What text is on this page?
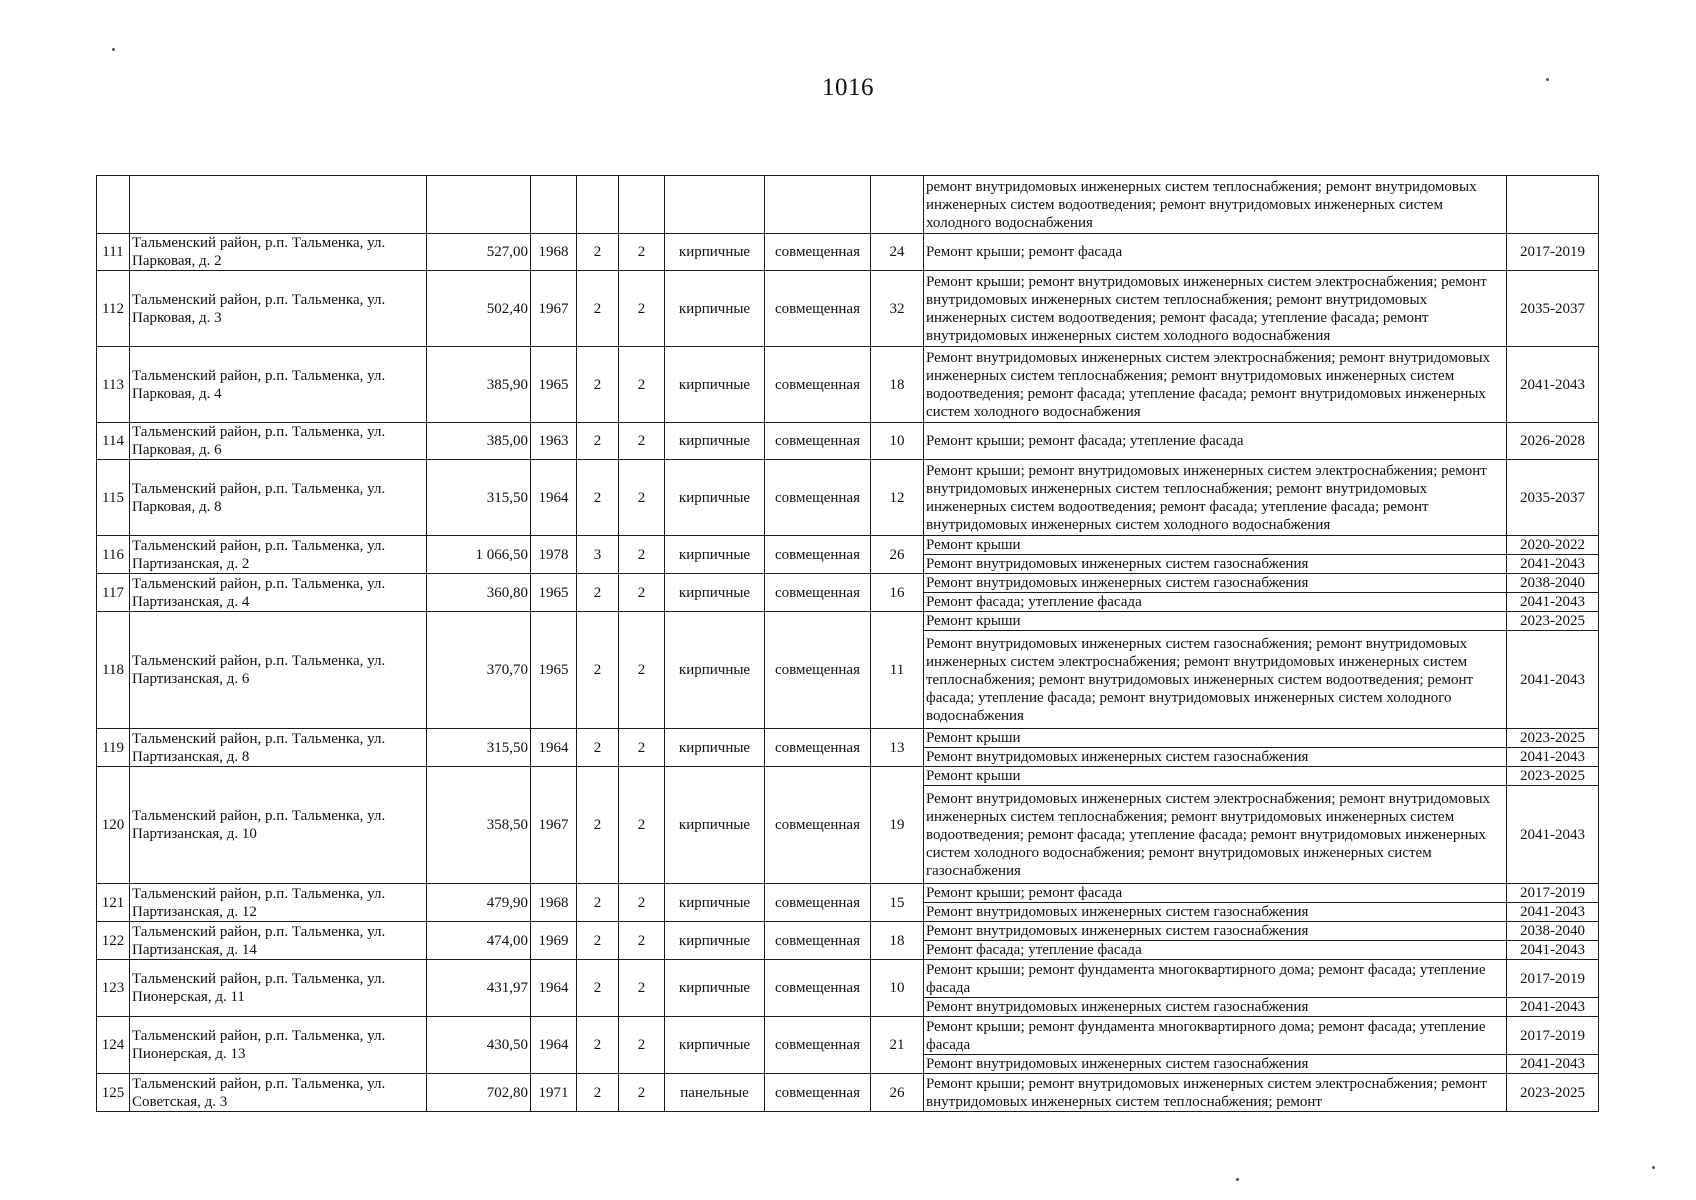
1016
									ремонт внутридомовых инженерных систем теплоснабжения; ремонт внутридомовых инженерных систем водоотведения; ремонт внутридомовых инженерных систем холодного водоснабжения	
111	Тальменский район, р.п. Тальменка, ул. Парковая, д. 2	527,00	1968	2	2	кирпичные	совмещенная	24	Ремонт крыши; ремонт фасада	2017-2019
112	Тальменский район, р.п. Тальменка, ул. Парковая, д. 3	502,40	1967	2	2	кирпичные	совмещенная	32	Ремонт крыши; ремонт внутридомовых инженерных систем электроснабжения; ремонт внутридомовых инженерных систем теплоснабжения; ремонт внутридомовых инженерных систем водоотведения; ремонт фасада; утепление фасада; ремонт внутридомовых инженерных систем холодного водоснабжения	2035-2037
113	Тальменский район, р.п. Тальменка, ул. Парковая, д. 4	385,90	1965	2	2	кирпичные	совмещенная	18	Ремонт внутридомовых инженерных систем электроснабжения; ремонт внутридомовых инженерных систем теплоснабжения; ремонт внутридомовых инженерных систем водоотведения; ремонт фасада; утепление фасада; ремонт внутридомовых инженерных систем холодного водоснабжения	2041-2043
114	Тальменский район, р.п. Тальменка, ул. Парковая, д. 6	385,00	1963	2	2	кирпичные	совмещенная	10	Ремонт крыши; ремонт фасада; утепление фасада	2026-2028
115	Тальменский район, р.п. Тальменка, ул. Парковая, д. 8	315,50	1964	2	2	кирпичные	совмещенная	12	Ремонт крыши; ремонт внутридомовых инженерных систем электроснабжения; ремонт внутридомовых инженерных систем теплоснабжения; ремонт внутридомовых инженерных систем водоотведения; ремонт фасада; утепление фасада; ремонт внутридомовых инженерных систем холодного водоснабжения	2035-2037
116	Тальменский район, р.п. Тальменка, ул. Партизанская, д. 2	1 066,50	1978	3	2	кирпичные	совмещенная	26	Ремонт крыши	2020-2022
									Ремонт внутридомовых инженерных систем газоснабжения	2041-2043
117	Тальменский район, р.п. Тальменка, ул. Партизанская, д. 4	360,80	1965	2	2	кирпичные	совмещенная	16	Ремонт внутридомовых инженерных систем газоснабжения	2038-2040
									Ремонт фасада; утепление фасада	2041-2043
118	Тальменский район, р.п. Тальменка, ул. Партизанская, д. 6	370,70	1965	2	2	кирпичные	совмещенная	11	Ремонт крыши	2023-2025
									Ремонт внутридомовых инженерных систем газоснабжения; ремонт внутридомовых инженерных систем электроснабжения; ремонт внутридомовых инженерных систем теплоснабжения; ремонт внутридомовых инженерных систем водоотведения; ремонт фасада; утепление фасада; ремонт внутридомовых инженерных систем холодного водоснабжения	2041-2043
119	Тальменский район, р.п. Тальменка, ул. Партизанская, д. 8	315,50	1964	2	2	кирпичные	совмещенная	13	Ремонт крыши	2023-2025
									Ремонт внутридомовых инженерных систем газоснабжения	2041-2043
120	Тальменский район, р.п. Тальменка, ул. Партизанская, д. 10	358,50	1967	2	2	кирпичные	совмещенная	19	Ремонт крыши	2023-2025
									Ремонт внутридомовых инженерных систем электроснабжения; ремонт внутридомовых инженерных систем теплоснабжения; ремонт внутридомовых инженерных систем водоотведения; ремонт фасада; утепление фасада; ремонт внутридомовых инженерных систем холодного водоснабжения; ремонт внутридомовых инженерных систем газоснабжения	2041-2043
121	Тальменский район, р.п. Тальменка, ул. Партизанская, д. 12	479,90	1968	2	2	кирпичные	совмещенная	15	Ремонт крыши; ремонт фасада	2017-2019
									Ремонт внутридомовых инженерных систем газоснабжения	2041-2043
122	Тальменский район, р.п. Тальменка, ул. Партизанская, д. 14	474,00	1969	2	2	кирпичные	совмещенная	18	Ремонт внутридомовых инженерных систем газоснабжения	2038-2040
									Ремонт фасада; утепление фасада	2041-2043
123	Тальменский район, р.п. Тальменка, ул. Пионерская, д. 11	431,97	1964	2	2	кирпичные	совмещенная	10	Ремонт крыши; ремонт фундамента многоквартирного дома; ремонт фасада; утепление фасада	2017-2019
									Ремонт внутридомовых инженерных систем газоснабжения	2041-2043
124	Тальменский район, р.п. Тальменка, ул. Пионерская, д. 13	430,50	1964	2	2	кирпичные	совмещенная	21	Ремонт крыши; ремонт фундамента многоквартирного дома; ремонт фасада; утепление фасада	2017-2019
									Ремонт внутридомовых инженерных систем газоснабжения	2041-2043
125	Тальменский район, р.п. Тальменка, ул. Советская, д. 3	702,80	1971	2	2	панельные	совмещенная	26	Ремонт крыши; ремонт внутридомовых инженерных систем электроснабжения; ремонт внутридомовых инженерных систем теплоснабжения; ремонт	2023-2025
